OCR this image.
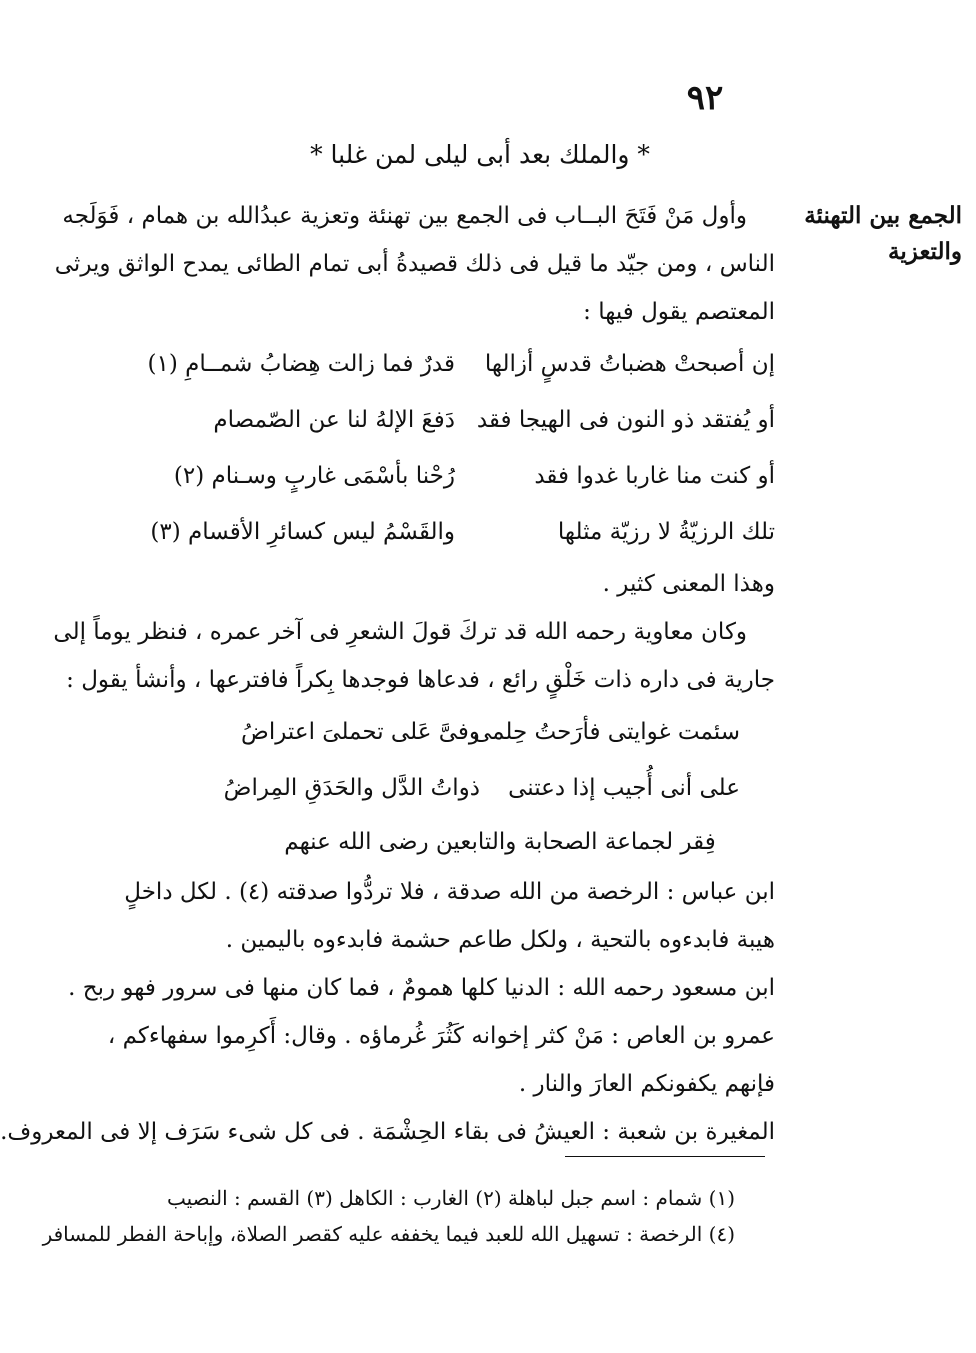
٩٢
* والملك بعد أبى ليلى لمن غلبا *
الجمع بين التهنئة
والتعزية
وأول مَنْ فَتَحَ البــاب فى الجمع بين تهنئة وتعزية عبدُالله بن همام ، فَوَلَجه
الناس ، ومن جيّد ما قيل فى ذلك قصيدةُ أبى تمام الطائى يمدح الواثق ويرثى
المعتصم يقول فيها :
إن أصبحتْ هضباتُ قدسٍ أزالها
قدرٌ فما زالت هِضابُ شمــامِ (١)
أو يُفتقد ذو النون فى الهيجا فقد
دَفعَ الإلهُ لنا عن الصّمصام
أو كنت منا غاربا غدوا فقد
رُحْنا بأسْمَى غاربٍ وسـنام (٢)
تلك الرزيّةُ لا رزيّة مثلها
والقَسْمُ ليس كسائرِ الأقسام (٣)
وهذا المعنى كثير .
وكان معاوية رحمه الله قد تركَ قولَ الشعرِ فى آخر عمره ، فنظر يوماً إلى
جارية فى داره ذات خَلْقٍ رائع ، فدعاها فوجدها بِكراً فافترعها ، وأنشأ يقول :
سئمت غوايتى فأرَحتُ حِلمى
وفىَّ عَلى تحملىَ اعتراضُ
على أنى أُجيب إذا دعتنى
ذواتُ الدَّل والحَدَقِ المِراضُ
فِقر لجماعة الصحابة والتابعين رضى الله عنهم
ابن عباس : الرخصة من الله صدقة ، فلا تردُّوا صدقته (٤) . لكل داخلٍ
هيبة فابدءوه بالتحية ، ولكل طاعم حشمة فابدءوه باليمين .
ابن مسعود رحمه الله : الدنيا كلها همومٌ ، فما كان منها فى سرور فهو ربح .
عمرو بن العاص : مَنْ كثر إخوانه كَثُرَ غُرماؤه . وقال: أَكرِموا سفهاءكم ،
فإنهم يكفونكم العارَ والنار .
المغيرة بن شعبة : العيشُ فى بقاء الحِشْمَة . فى كل شىء سَرَف إلا فى المعروف.
(١) شمام : اسم جبل لباهلة (٢) الغارب : الكاهل (٣) القسم : النصيب
(٤) الرخصة : تسهيل الله للعبد فيما يخففه عليه كقصر الصلاة، وإباحة الفطر للمسافر
